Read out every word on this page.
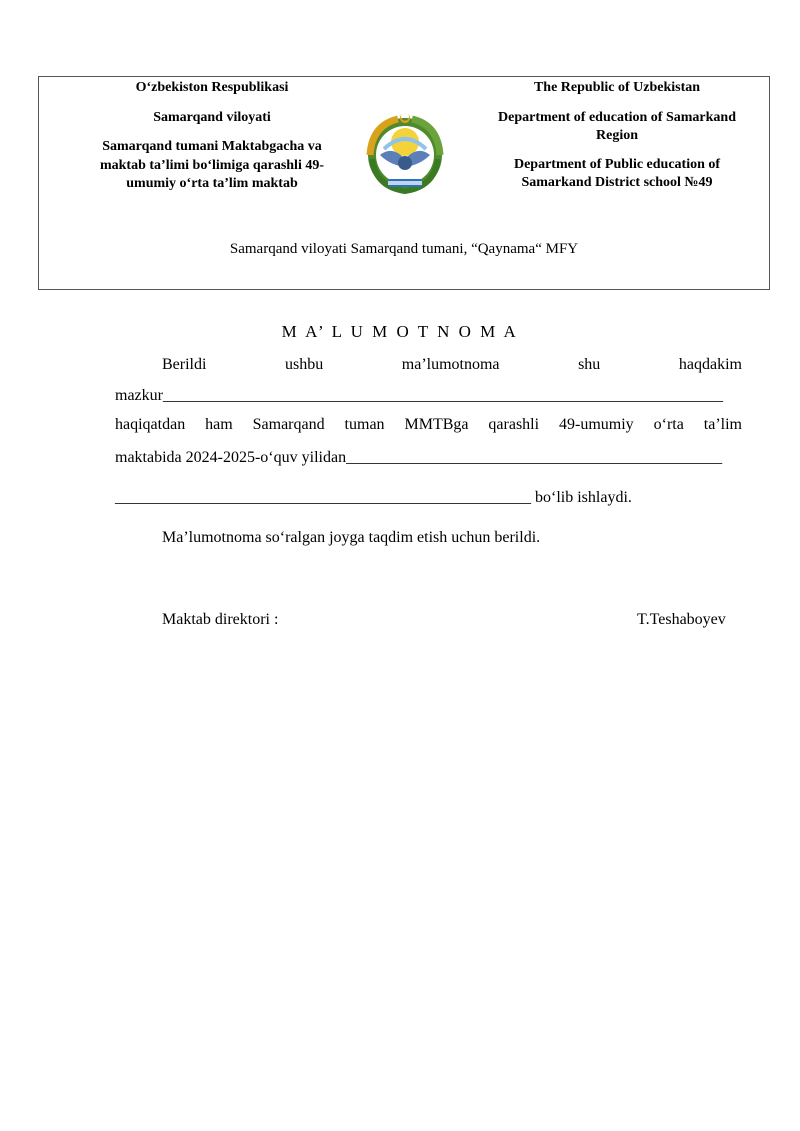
O‘zbekiston Respublikasi

Samarqand viloyati

Samarqand tumani Maktabgacha va maktab ta’limi bo‘limiga qarashli 49-umumiy o‘rta ta’lim maktab

The Republic of Uzbekistan

Department of education of Samarkand Region

Department of Public education of Samarkand District school №49

Samarqand viloyati Samarqand tumani, “Qaynama“ MFY
M A’ L U M O T N O M A
Berildi	ushbu	ma’lumotnoma	shu	haqdakim
mazkur______________________________________________________________________
haqiqatdan ham Samarqand tuman MMTBga qarashli 49-umumiy o‘rta ta’lim
maktabida 2024-2025-o‘quv yilidan_______________________________________________
____________________________________________________ bo‘lib ishlaydi.
Ma’lumotnoma so‘ralgan joyga taqdim etish uchun berildi.
Maktab direktori :	T.Teshaboyev
